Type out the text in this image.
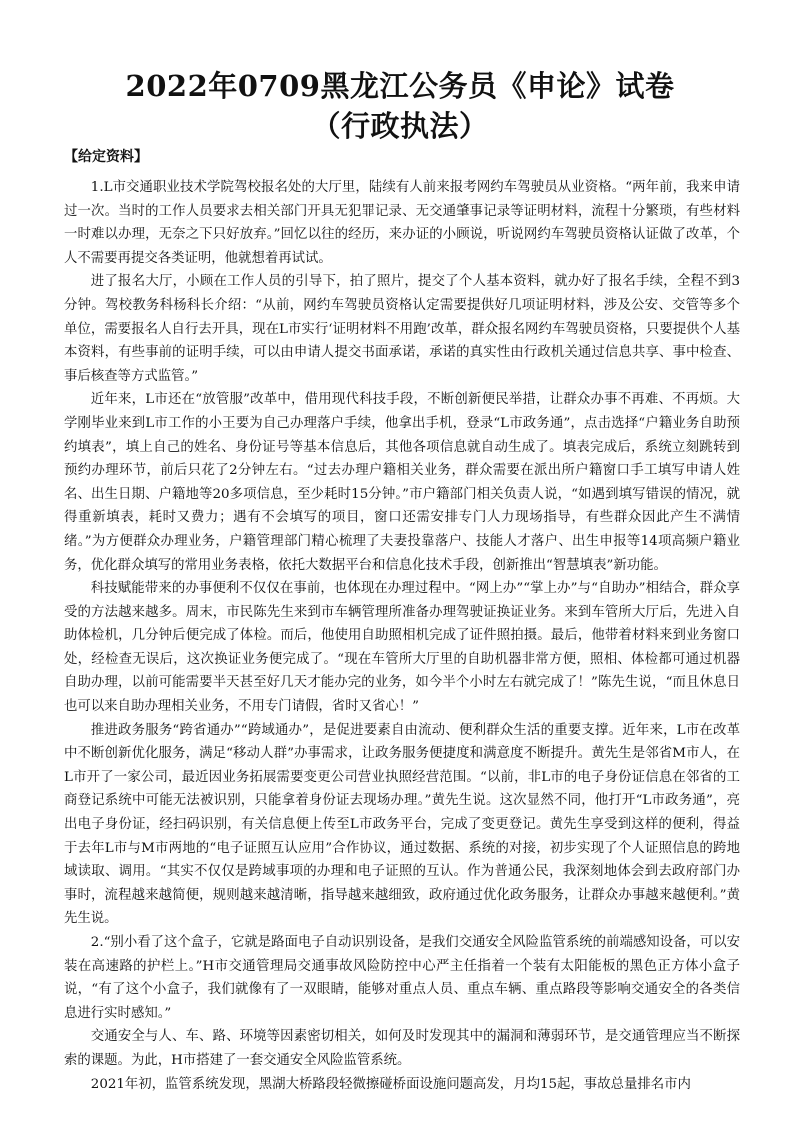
2022年0709黑龙江公务员《申论》试卷
（行政执法）
【给定资料】

1.L市交通职业技术学院驾校报名处的大厅里，陆续有人前来报考网约车驾驶员从业资格。“两年前，我来申请过一次。当时的工作人员要求去相关部门开具无犯罪记录、无交通肇事记录等证明材料，流程十分繁琐，有些材料一时难以办理，无奈之下只好放弃。”回忆以往的经历，来办证的小顾说，听说网约车驾驶员资格认证做了改革，个人不需要再提交各类证明，他就想着再试试。

进了报名大厅，小顾在工作人员的引导下，拍了照片，提交了个人基本资料，就办好了报名手续，全程不到3分钟。驾校教务科杨科长介绍：“从前，网约车驾驶员资格认定需要提供好几项证明材料，涉及公安、交管等多个单位，需要报名人自行去开具，现在L市实行‘证明材料不用跑’改革，群众报名网约车驾驶员资格，只要提供个人基本资料，有些事前的证明手续，可以由申请人提交书面承诺，承诺的真实性由行政机关通过信息共享、事中检查、事后核查等方式监管。”

近年来，L市还在“放管服”改革中，借用现代科技手段，不断创新便民举措，让群众办事不再难、不再烦。大学刚毕业来到L市工作的小王要为自己办理落户手续，他拿出手机，登录“L市政务通”，点击选择“户籍业务自助预约填表”，填上自己的姓名、身份证号等基本信息后，其他各项信息就自动生成了。填表完成后，系统立刻跳转到预约办理环节，前后只花了2分钟左右。“过去办理户籍相关业务，群众需要在派出所户籍窗口手工填写申请人姓名、出生日期、户籍地等20多项信息，至少耗时15分钟。”市户籍部门相关负责人说，“如遇到填写错误的情况，就得重新填表，耗时又费力；遇有不会填写的项目，窗口还需安排专门人力现场指导，有些群众因此产生不满情绪。”为方便群众办理业务，户籍管理部门精心梳理了夫妻投靠落户、技能人才落户、出生申报等14项高频户籍业务，优化群众填写的常用业务表格，依托大数据平台和信息化技术手段，创新推出“智慧填表”新功能。

科技赋能带来的办事便利不仅仅在事前，也体现在办理过程中。“网上办”“掌上办”与“自助办”相结合，群众享受的方法越来越多。周末，市民陈先生来到市车辆管理所准备办理驾驶证换证业务。来到车管所大厅后，先进入自助体检机，几分钟后便完成了体检。而后，他使用自助照相机完成了证件照拍摄。最后，他带着材料来到业务窗口处，经检查无误后，这次换证业务便完成了。“现在车管所大厅里的自助机器非常方便，照相、体检都可通过机器自助办理，以前可能需要半天甚至好几天才能办完的业务，如今半个小时左右就完成了！”陈先生说，“而且休息日也可以来自助办理相关业务，不用专门请假，省时又省心！”

推进政务服务“跨省通办”“跨域通办”，是促进要素自由流动、便利群众生活的重要支撑。近年来，L市在改革中不断创新优化服务，满足“移动人群”办事需求，让政务服务便捷度和满意度不断提升。黄先生是邻省M市人，在L市开了一家公司，最近因业务拓展需要变更公司营业执照经营范围。“以前，非L市的电子身份证信息在邻省的工商登记系统中可能无法被识别，只能拿着身份证去现场办理。”黄先生说。这次显然不同，他打开“L市政务通”，亮出电子身份证，经扫码识别，有关信息便上传至L市政务平台，完成了变更登记。黄先生享受到这样的便利，得益于去年L市与M市两地的“电子证照互认应用”合作协议，通过数据、系统的对接，初步实现了个人证照信息的跨地域读取、调用。“其实不仅仅是跨域事项的办理和电子证照的互认。作为普通公民，我深刻地体会到去政府部门办事时，流程越来越简便，规则越来越清晰，指导越来越细致，政府通过优化政务服务，让群众办事越来越便利。”黄先生说。

2.“别小看了这个盒子，它就是路面电子自动识别设备，是我们交通安全风险监管系统的前端感知设备，可以安装在高速路的护栏上。”H市交通管理局交通事故风险防控中心严主任指着一个装有太阳能板的黑色正方体小盒子说，“有了这个小盒子，我们就像有了一双眼睛，能够对重点人员、重点车辆、重点路段等影响交通安全的各类信息进行实时感知。”

交通安全与人、车、路、环境等因素密切相关，如何及时发现其中的漏洞和薄弱环节，是交通管理应当不断探索的课题。为此，H市搭建了一套交通安全风险监管系统。

2021年初，监管系统发现，黑湖大桥路段轻微擦碰桥面设施问题高发，月均15起，事故总量排名市内
